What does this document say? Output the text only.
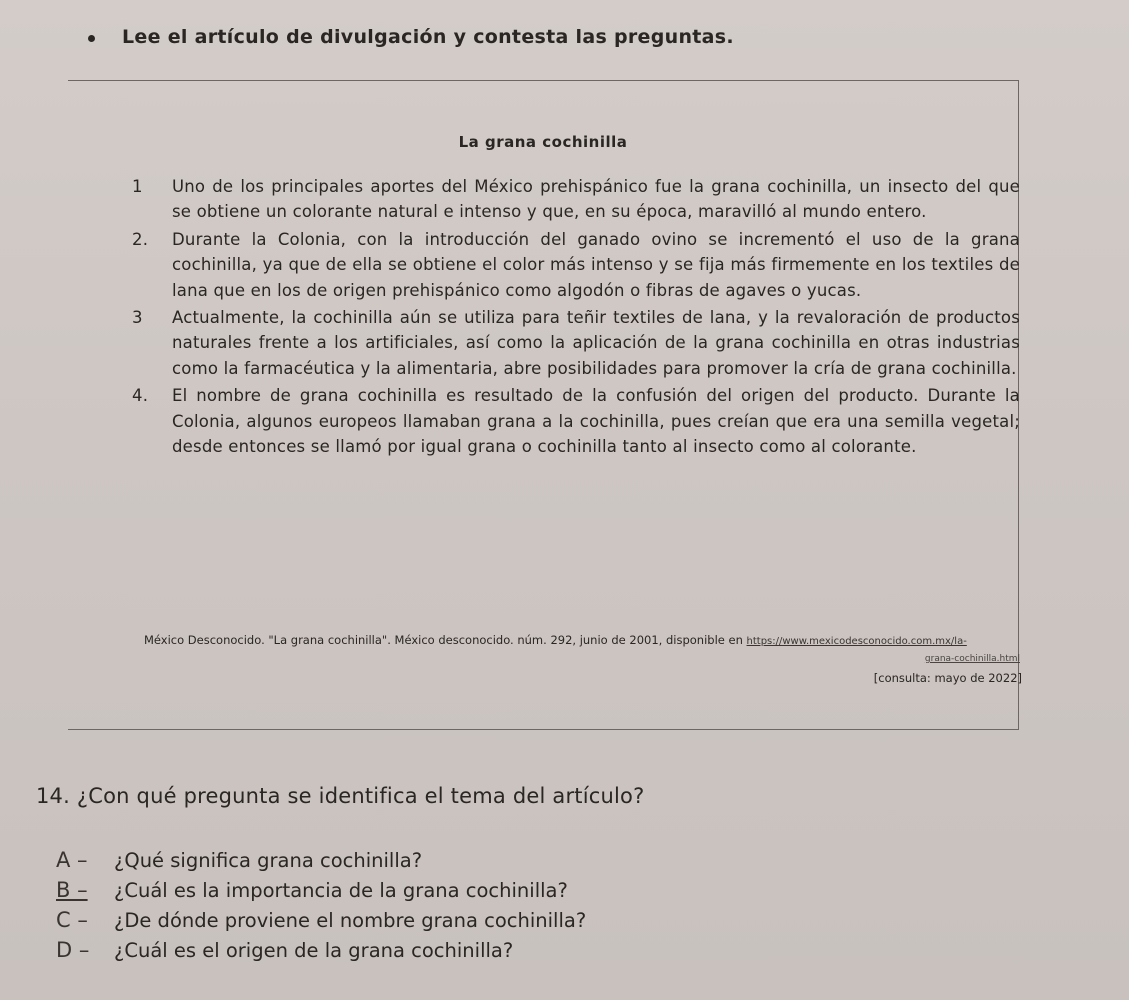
Lee el artículo de divulgación y contesta las preguntas.
La grana cochinilla
1 Uno de los principales aportes del México prehispánico fue la grana cochinilla, un insecto del que se obtiene un colorante natural e intenso y que, en su época, maravilló al mundo entero.
2. Durante la Colonia, con la introducción del ganado ovino se incrementó el uso de la grana cochinilla, ya que de ella se obtiene el color más intenso y se fija más firmemente en los textiles de lana que en los de origen prehispánico como algodón o fibras de agaves o yucas.
3 Actualmente, la cochinilla aún se utiliza para teñir textiles de lana, y la revaloración de productos naturales frente a los artificiales, así como la aplicación de la grana cochinilla en otras industrias como la farmacéutica y la alimentaria, abre posibilidades para promover la cría de grana cochinilla.
4. El nombre de grana cochinilla es resultado de la confusión del origen del producto. Durante la Colonia, algunos europeos llamaban grana a la cochinilla, pues creían que era una semilla vegetal; desde entonces se llamó por igual grana o cochinilla tanto al insecto como al colorante.
México Desconocido. "La grana cochinilla". México desconocido. núm. 292, junio de 2001, disponible en https://www.mexicodesconocido.com.mx/la-
grana-cochinilla.html
[consulta: mayo de 2022]
14. ¿Con qué pregunta se identifica el tema del artículo?
A – ¿Qué significa grana cochinilla?
B – ¿Cuál es la importancia de la grana cochinilla?
C – ¿De dónde proviene el nombre grana cochinilla?
D – ¿Cuál es el origen de la grana cochinilla?
